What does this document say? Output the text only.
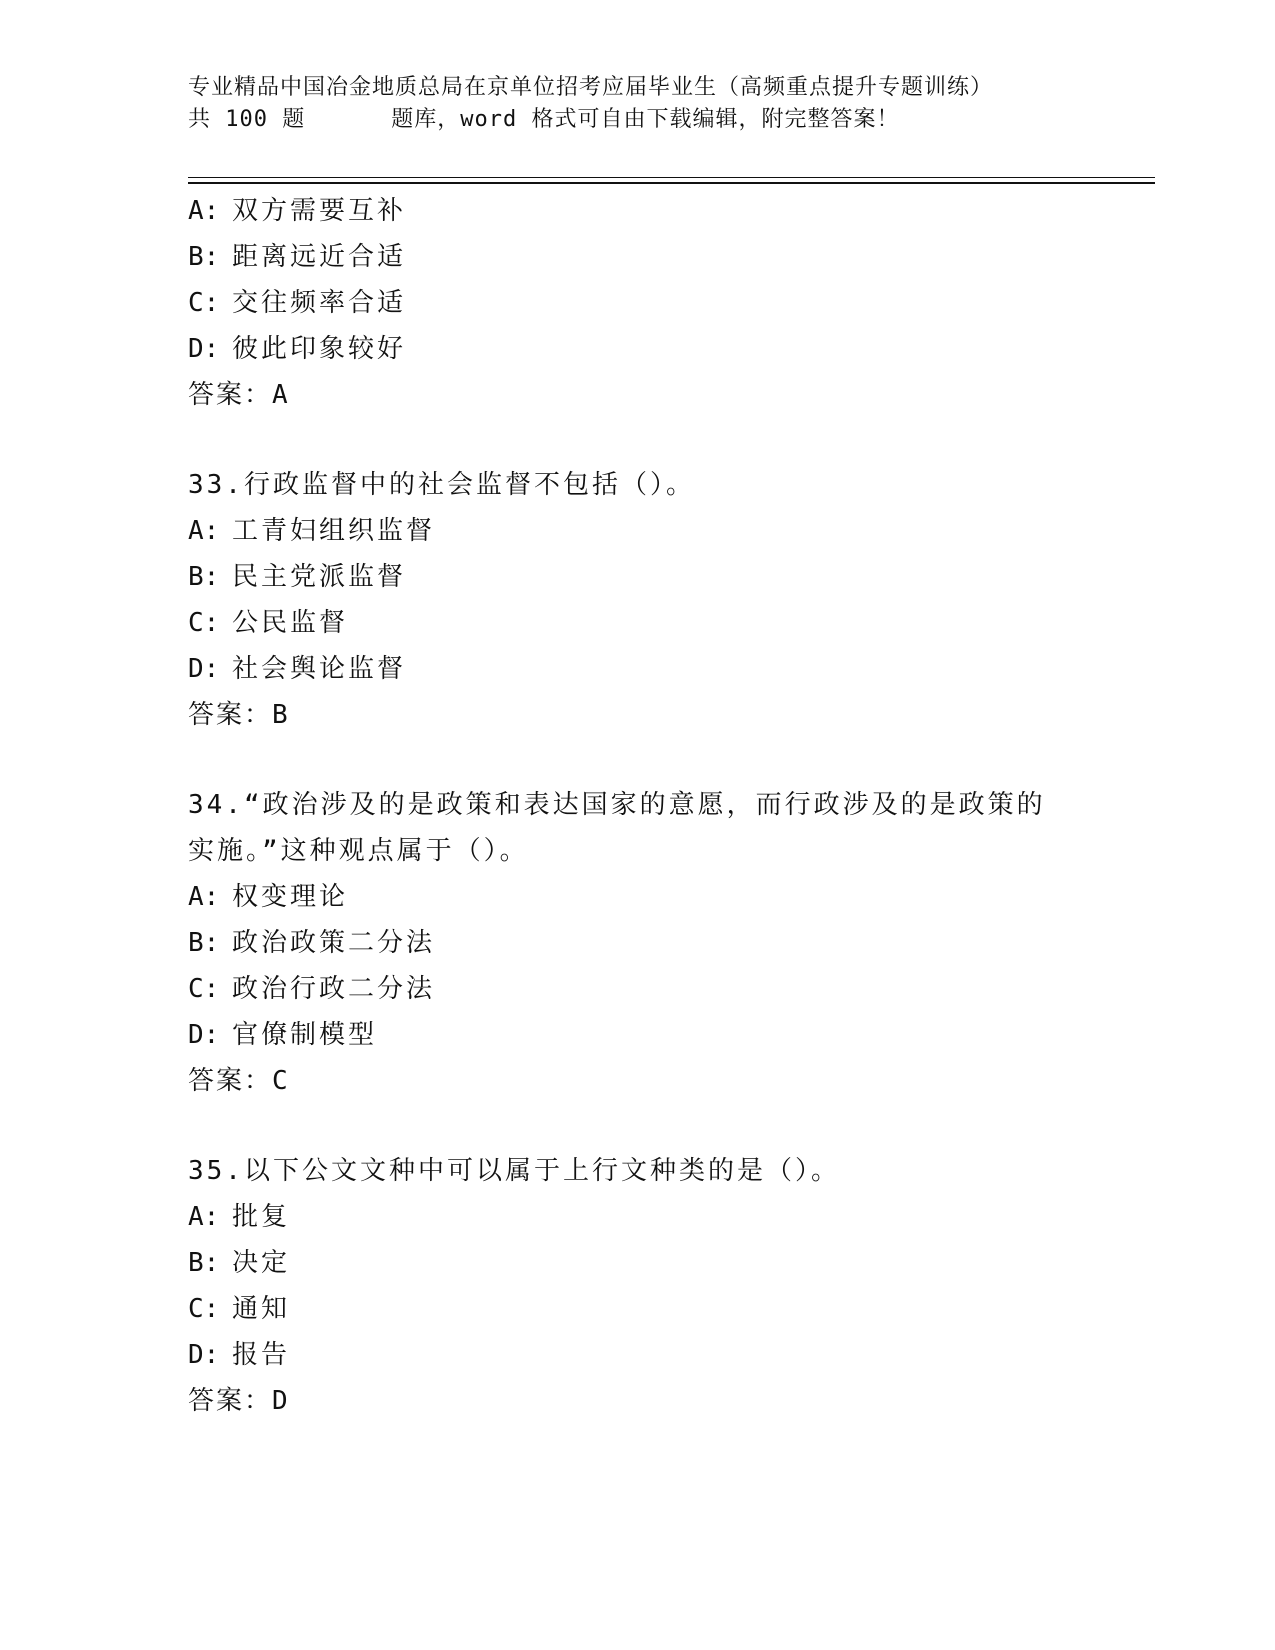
专业精品中国冶金地质总局在京单位招考应届毕业生（高频重点提升专题训练）
共 100 题	题库，word 格式可自由下载编辑，附完整答案！
A: 双方需要互补
B: 距离远近合适
C: 交往频率合适
D: 彼此印象较好
答案：A
33.行政监督中的社会监督不包括（）。
A: 工青妇组织监督
B: 民主党派监督
C: 公民监督
D: 社会舆论监督
答案：B
34.“政治涉及的是政策和表达国家的意愿，而行政涉及的是政策的实施。”这种观点属于（）。
A: 权变理论
B: 政治政策二分法
C: 政治行政二分法
D: 官僚制模型
答案：C
35.以下公文文种中可以属于上行文种类的是（）。
A: 批复
B: 决定
C: 通知
D: 报告
答案：D
